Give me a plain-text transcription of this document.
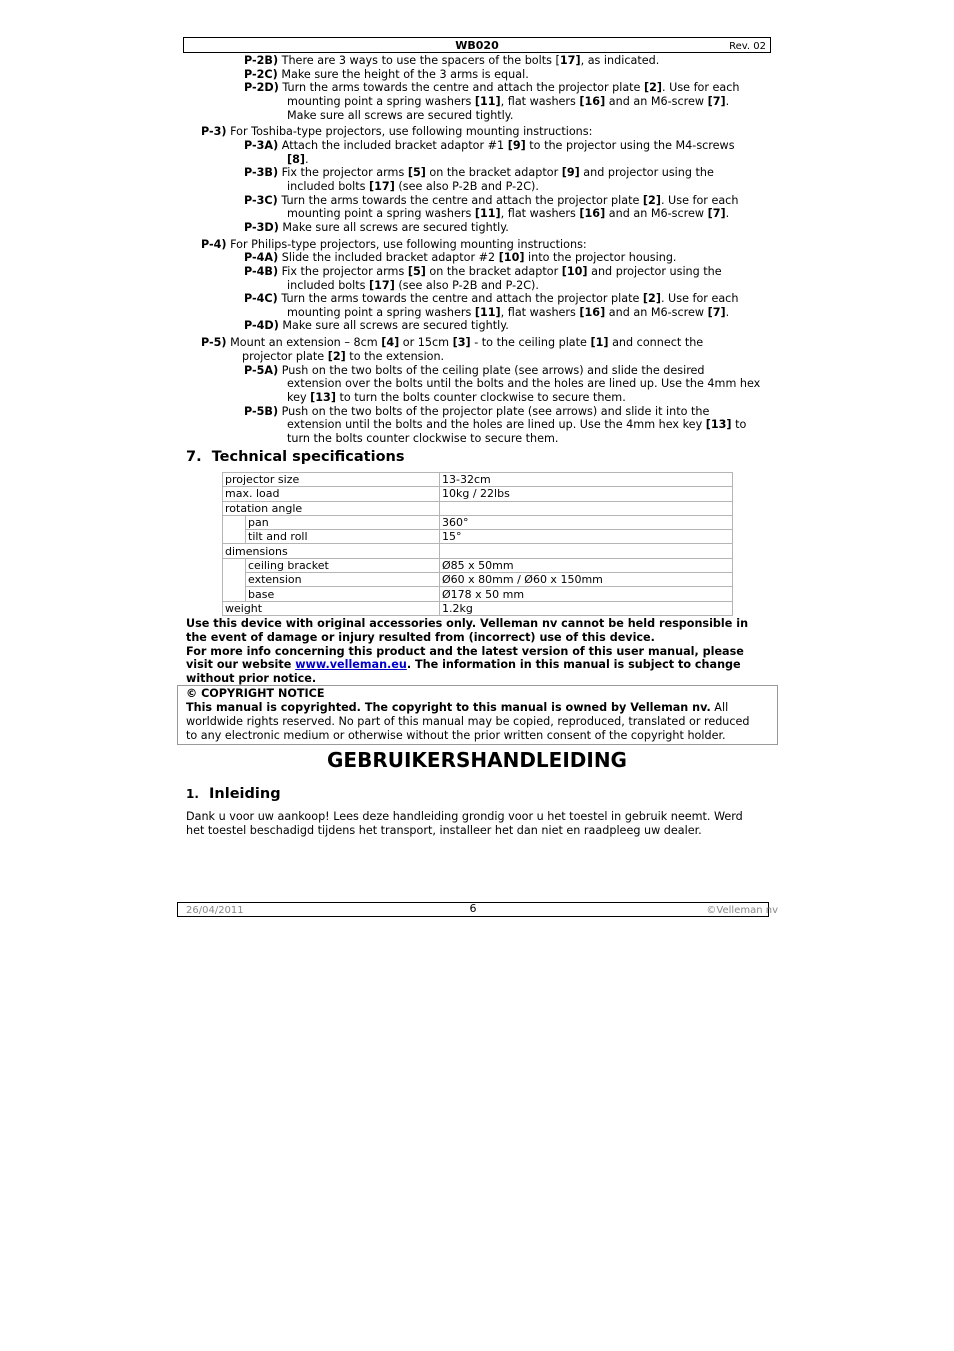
WB020	Rev. 02
P-2B) There are 3 ways to use the spacers of the bolts [17], as indicated.
P-2C) Make sure the height of the 3 arms is equal.
P-2D) Turn the arms towards the centre and attach the projector plate [2]. Use for each
mounting point a spring washers [11], flat washers [16] and an M6-screw [7].
Make sure all screws are secured tightly.
P-3) For Toshiba-type projectors, use following mounting instructions:
P-3A) Attach the included bracket adaptor #1 [9] to the projector using the M4-screws
[8].
P-3B) Fix the projector arms [5] on the bracket adaptor [9] and projector using the
included bolts [17] (see also P-2B and P-2C).
P-3C) Turn the arms towards the centre and attach the projector plate [2]. Use for each
mounting point a spring washers [11], flat washers [16] and an M6-screw [7].
P-3D) Make sure all screws are secured tightly.
P-4) For Philips-type projectors, use following mounting instructions:
P-4A) Slide the included bracket adaptor #2 [10] into the projector housing.
P-4B) Fix the projector arms [5] on the bracket adaptor [10] and projector using the
included bolts [17] (see also P-2B and P-2C).
P-4C) Turn the arms towards the centre and attach the projector plate [2]. Use for each
mounting point a spring washers [11], flat washers [16] and an M6-screw [7].
P-4D) Make sure all screws are secured tightly.
P-5) Mount an extension – 8cm [4] or 15cm [3] - to the ceiling plate [1] and connect the
projector plate [2] to the extension.
P-5A) Push on the two bolts of the ceiling plate (see arrows) and slide the desired
extension over the bolts until the bolts and the holes are lined up. Use the 4mm hex
key [13] to turn the bolts counter clockwise to secure them.
P-5B) Push on the two bolts of the projector plate (see arrows) and slide it into the
extension until the bolts and the holes are lined up. Use the 4mm hex key [13] to
turn the bolts counter clockwise to secure them.
7. Technical specifications
projector size		13-32cm
max. load		10kg / 22lbs
rotation angle		
	pan	360°
	tilt and roll	15°
dimensions		
	ceiling bracket	Ø85 x 50mm
	extension	Ø60 x 80mm / Ø60 x 150mm
	base	Ø178 x 50 mm
weight		1.2kg
Use this device with original accessories only. Velleman nv cannot be held responsible in
the event of damage or injury resulted from (incorrect) use of this device.
For more info concerning this product and the latest version of this user manual, please
visit our website www.velleman.eu. The information in this manual is subject to change
without prior notice.
© COPYRIGHT NOTICE
This manual is copyrighted. The copyright to this manual is owned by Velleman nv. All
worldwide rights reserved. No part of this manual may be copied, reproduced, translated or reduced
to any electronic medium or otherwise without the prior written consent of the copyright holder.
GEBRUIKERSHANDLEIDING
1. Inleiding
Dank u voor uw aankoop! Lees deze handleiding grondig voor u het toestel in gebruik neemt. Werd
het toestel beschadigd tijdens het transport, installeer het dan niet en raadpleeg uw dealer.
26/04/2011	6	©Velleman nv
